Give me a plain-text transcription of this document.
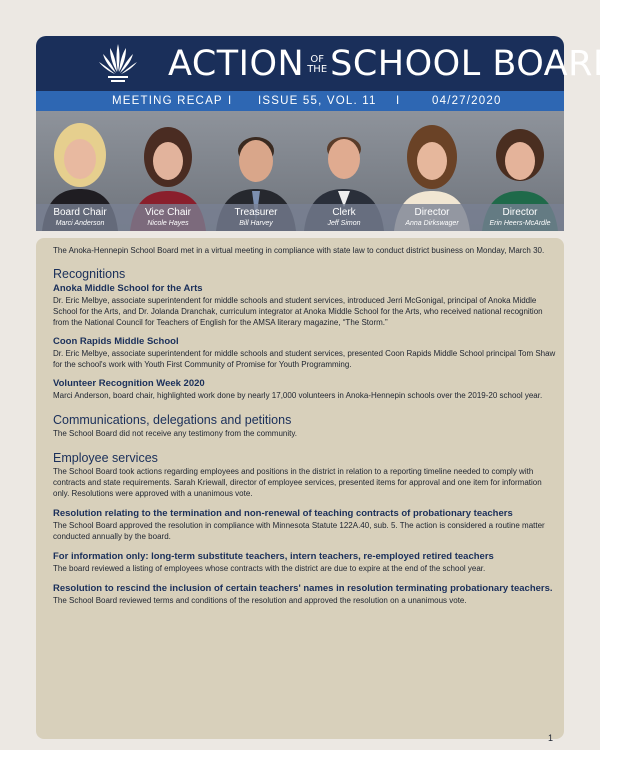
ACTION OF
THE SCHOOL BOARD
MEETING RECAP I ISSUE 55, VOL. 11 I	04/27/2020
Board Chair
Marci Anderson
Vice Chair
Nicole Hayes
Treasurer
Bill Harvey
Clerk
Jeff Simon
Director
Anna Dirkswager
Director
Erin Heers-McArdle

The Anoka-Hennepin School Board met in a virtual meeting in compliance with state law to conduct district business on Monday, March 30.

Recognitions

Anoka Middle School for the Arts

Dr. Eric Melbye, associate superintendent for middle schools and student services, introduced Jerri McGonigal, principal of Anoka Middle School for the Arts, and Dr. Jolanda Dranchak, curriculum integrator at Anoka Middle School for the Arts, who received national recognition from the National Council for Teachers of English for the AMSA literary magazine, “The Storm.”

Coon Rapids Middle School

Dr. Eric Melbye, associate superintendent for middle schools and student services, presented Coon Rapids Middle School principal Tom Shaw for the school's work with Youth First Community of Promise for Youth Programming.

Volunteer Recognition Week 2020

Marci Anderson, board chair, highlighted work done by nearly 17,000 volunteers in Anoka-Hennepin schools over the 2019-20 school year.

Communications, delegations and petitions

The School Board did not receive any testimony from the community.

Employee services

The School Board took actions regarding employees and positions in the district in relation to a reporting timeline needed to comply with contracts and state requirements. Sarah Kriewall, director of employee services, presented items for approval and one item for information only. Resolutions were approved with a unanimous vote.

Resolution relating to the termination and non-renewal of teaching contracts of probationary teachers

The School Board approved the resolution in compliance with Minnesota Statute 122A.40, sub. 5. The action is considered a routine matter conducted annually by the board.

For information only: long-term substitute teachers, intern teachers, re-employed retired teachers

The board reviewed a listing of employees whose contracts with the district are due to expire at the end of the school year.

Resolution to rescind the inclusion of certain teachers' names in resolution terminating probationary teachers.

The School Board reviewed terms and conditions of the resolution and approved the resolution on a unanimous vote.

1
